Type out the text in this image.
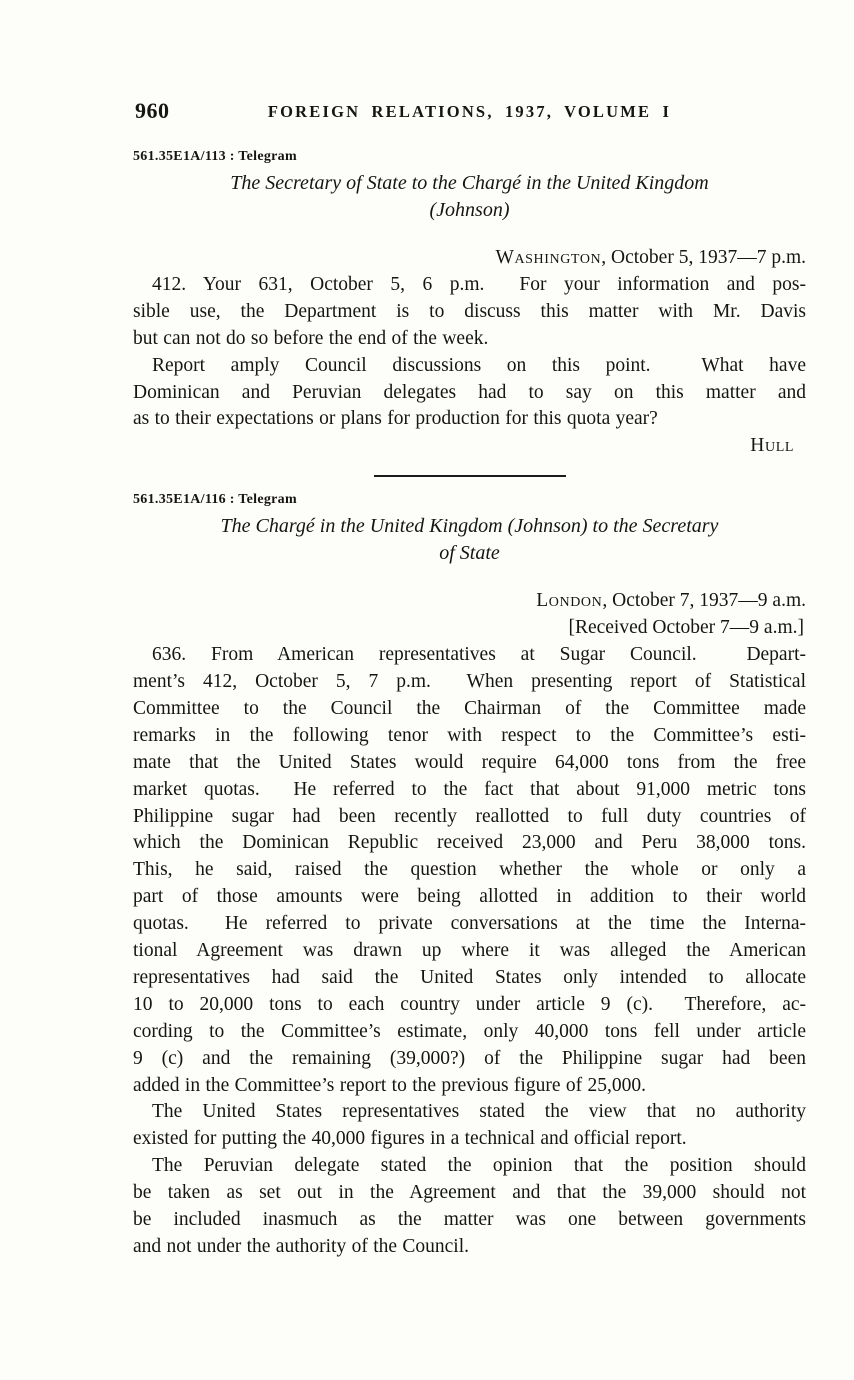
960	FOREIGN RELATIONS, 1937, VOLUME I
561.35E1A/113 : Telegram
The Secretary of State to the Chargé in the United Kingdom
(Johnson)
Washington, October 5, 1937—7 p.m.

412. Your 631, October 5, 6 p.m.  For your information and pos-
sible use, the Department is to discuss this matter with Mr. Davis
but can not do so before the end of the week.

Report amply Council discussions on this point.  What have
Dominican and Peruvian delegates had to say on this matter and
as to their expectations or plans for production for this quota year?

Hull
561.35E1A/116 : Telegram
The Chargé in the United Kingdom (Johnson) to the Secretary
of State
London, October 7, 1937—9 a.m.
[Received October 7—9 a.m.]

636. From American representatives at Sugar Council.  Depart-
ment’s 412, October 5, 7 p.m.  When presenting report of Statistical
Committee to the Council the Chairman of the Committee made
remarks in the following tenor with respect to the Committee’s esti-
mate that the United States would require 64,000 tons from the free
market quotas.  He referred to the fact that about 91,000 metric tons
Philippine sugar had been recently reallotted to full duty countries of
which the Dominican Republic received 23,000 and Peru 38,000 tons.
This, he said, raised the question whether the whole or only a
part of those amounts were being allotted in addition to their world
quotas.  He referred to private conversations at the time the Interna-
tional Agreement was drawn up where it was alleged the American
representatives had said the United States only intended to allocate
10 to 20,000 tons to each country under article 9 (c).  Therefore, ac-
cording to the Committee’s estimate, only 40,000 tons fell under article
9 (c) and the remaining (39,000?) of the Philippine sugar had been
added in the Committee’s report to the previous figure of 25,000.

The United States representatives stated the view that no authority
existed for putting the 40,000 figures in a technical and official report.

The Peruvian delegate stated the opinion that the position should
be taken as set out in the Agreement and that the 39,000 should not
be included inasmuch as the matter was one between governments
and not under the authority of the Council.
